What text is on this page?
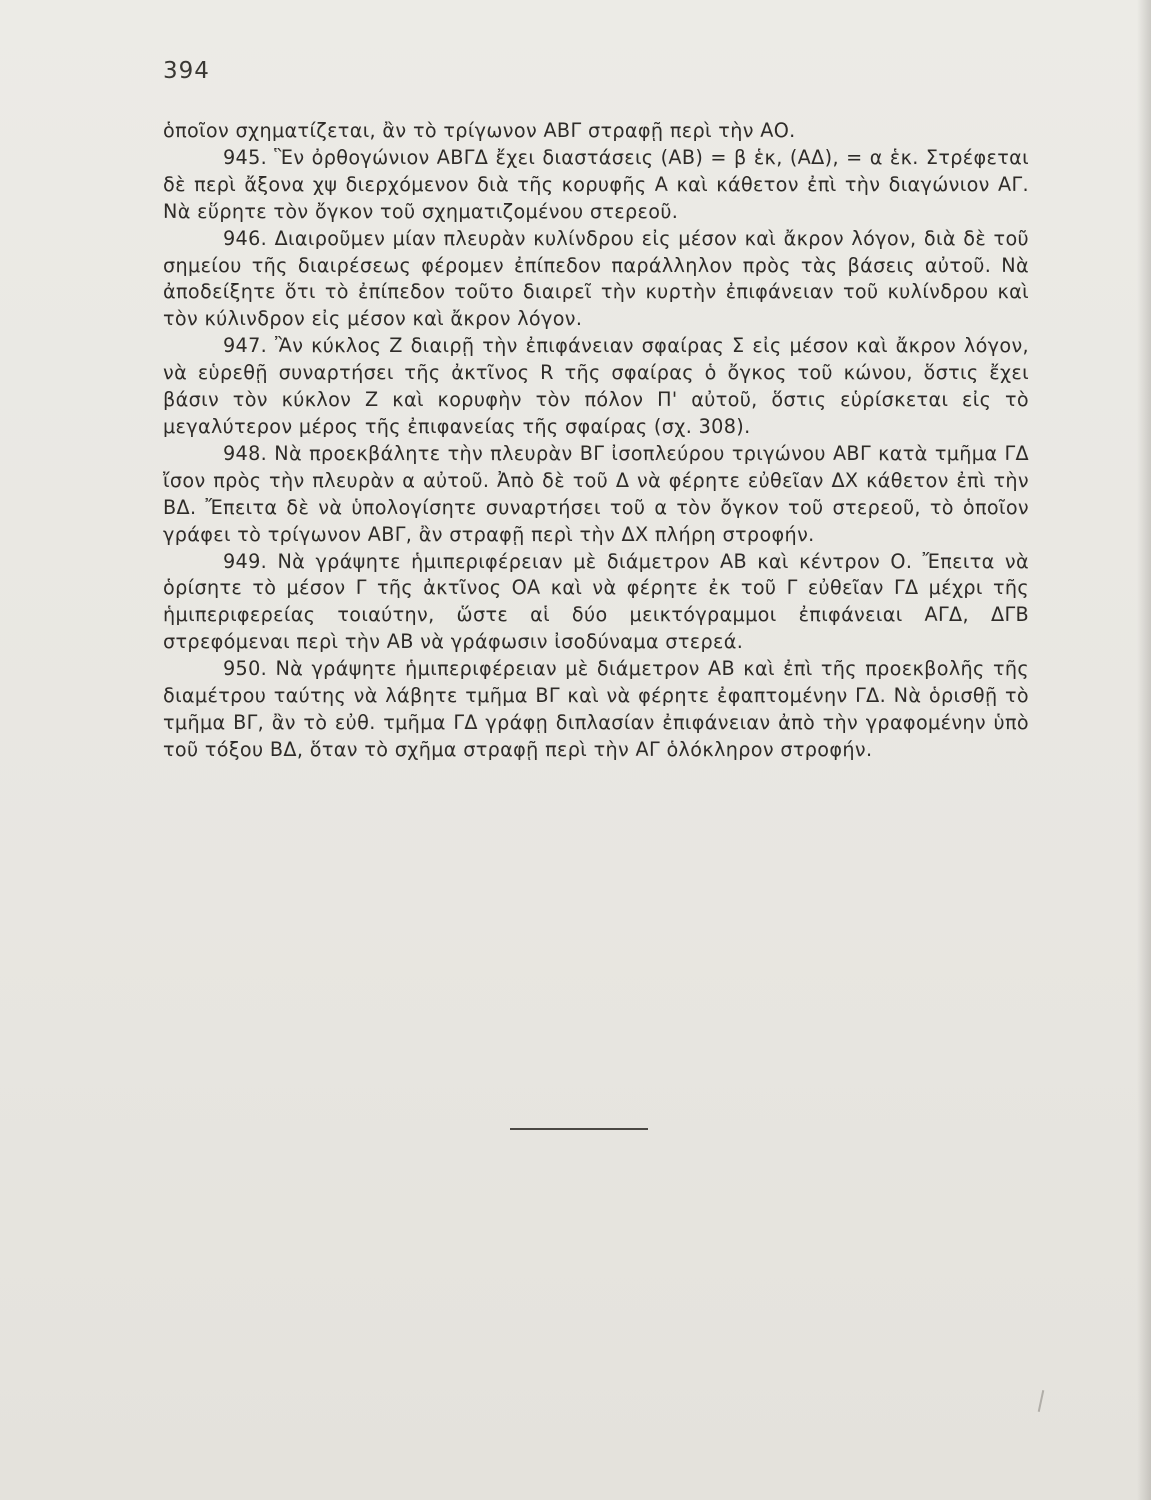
394

ὁποῖον σχηματίζεται, ἂν τὸ τρίγωνον ΑΒΓ στραφῇ περὶ τὴν ΑΟ.

945. Ἓν ὀρθογώνιον ΑΒΓΔ ἔχει διαστάσεις (ΑΒ) = β ἑκ, (ΑΔ), = α ἑκ. Στρέφεται δὲ περὶ ἄξονα χψ διερχόμενον διὰ τῆς κορυφῆς Α καὶ κάθετον ἐπὶ τὴν διαγώνιον ΑΓ. Νὰ εὕρητε τὸν ὄγκον τοῦ σχηματιζομένου στερεοῦ.

946. Διαιροῦμεν μίαν πλευρὰν κυλίνδρου εἰς μέσον καὶ ἄκρον λόγον, διὰ δὲ τοῦ σημείου τῆς διαιρέσεως φέρομεν ἐπίπεδον παράλληλον πρὸς τὰς βάσεις αὐτοῦ. Νὰ ἀποδείξητε ὅτι τὸ ἐπίπεδον τοῦτο διαιρεῖ τὴν κυρτὴν ἐπιφάνειαν τοῦ κυλίνδρου καὶ τὸν κύλινδρον εἰς μέσον καὶ ἄκρον λόγον.

947. Ἂν κύκλος Ζ διαιρῇ τὴν ἐπιφάνειαν σφαίρας Σ εἰς μέσον καὶ ἄκρον λόγον, νὰ εὑρεθῇ συναρτήσει τῆς ἀκτῖνος R τῆς σφαίρας ὁ ὄγκος τοῦ κώνου, ὅστις ἔχει βάσιν τὸν κύκλον Ζ καὶ κορυφὴν τὸν πόλον Π' αὐτοῦ, ὅστις εὑρίσκεται εἰς τὸ μεγαλύτερον μέρος τῆς ἐπιφανείας τῆς σφαίρας (σχ. 308).

948. Νὰ προεκβάλητε τὴν πλευρὰν ΒΓ ἰσοπλεύρου τριγώνου ΑΒΓ κατὰ τμῆμα ΓΔ ἴσον πρὸς τὴν πλευρὰν α αὐτοῦ. Ἀπὸ δὲ τοῦ Δ νὰ φέρητε εὐθεῖαν ΔΧ κάθετον ἐπὶ τὴν ΒΔ. Ἔπειτα δὲ νὰ ὑπολογίσητε συναρτήσει τοῦ α τὸν ὄγκον τοῦ στερεοῦ, τὸ ὁποῖον γράφει τὸ τρίγωνον ΑΒΓ, ἂν στραφῇ περὶ τὴν ΔΧ πλήρη στροφήν.

949. Νὰ γράψητε ἡμιπεριφέρειαν μὲ διάμετρον ΑΒ καὶ κέντρον Ο. Ἔπειτα νὰ ὁρίσητε τὸ μέσον Γ τῆς ἀκτῖνος ΟΑ καὶ νὰ φέρητε ἐκ τοῦ Γ εὐθεῖαν ΓΔ μέχρι τῆς ἡμιπεριφερείας τοιαύτην, ὥστε αἱ δύο μεικτόγραμμοι ἐπιφάνειαι ΑΓΔ, ΔΓΒ στρεφόμεναι περὶ τὴν ΑΒ νὰ γράφωσιν ἰσοδύναμα στερεά.

950. Νὰ γράψητε ἡμιπεριφέρειαν μὲ διάμετρον ΑΒ καὶ ἐπὶ τῆς προεκβολῆς τῆς διαμέτρου ταύτης νὰ λάβητε τμῆμα ΒΓ καὶ νὰ φέρητε ἐφαπτομένην ΓΔ. Νὰ ὁρισθῇ τὸ τμῆμα ΒΓ, ἂν τὸ εὐθ. τμῆμα ΓΔ γράφῃ διπλασίαν ἐπιφάνειαν ἀπὸ τὴν γραφομένην ὑπὸ τοῦ τόξου ΒΔ, ὅταν τὸ σχῆμα στραφῇ περὶ τὴν ΑΓ ὁλόκληρον στροφήν.
